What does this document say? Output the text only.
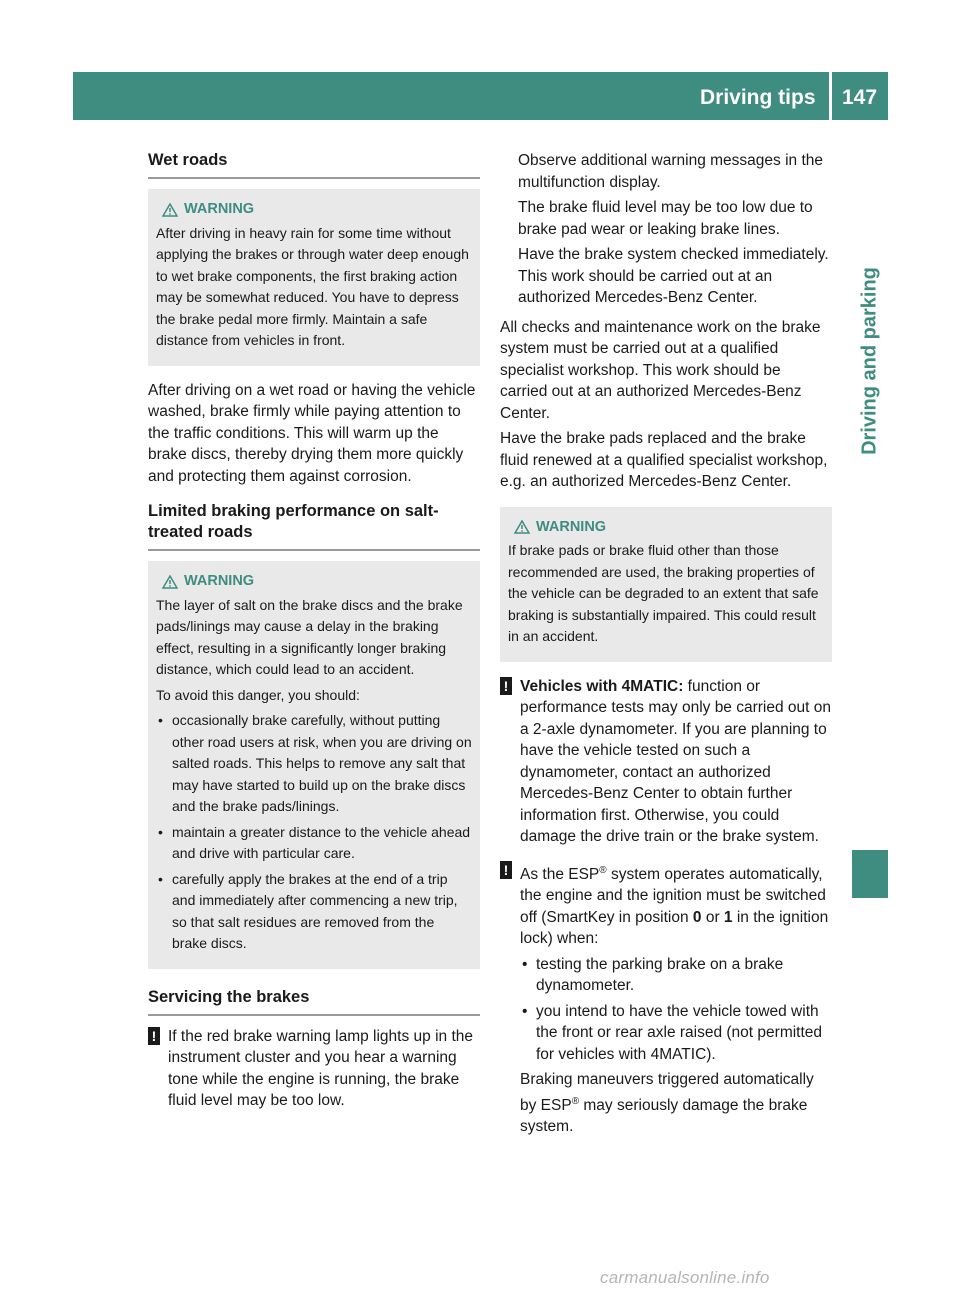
Driving tips 147
Driving and parking
Wet roads
WARNING

After driving in heavy rain for some time without applying the brakes or through water deep enough to wet brake components, the first braking action may be somewhat reduced. You have to depress the brake pedal more firmly. Maintain a safe distance from vehicles in front.

After driving on a wet road or having the vehicle washed, brake firmly while paying attention to the traffic conditions. This will warm up the brake discs, thereby drying them more quickly and protecting them against corrosion.

Limited braking performance on salt-treated roads
WARNING

The layer of salt on the brake discs and the brake pads/linings may cause a delay in the braking effect, resulting in a significantly longer braking distance, which could lead to an accident.

To avoid this danger, you should:

• occasionally brake carefully, without putting other road users at risk, when you are driving on salted roads. This helps to remove any salt that may have started to build up on the brake discs and the brake pads/linings.
• maintain a greater distance to the vehicle ahead and drive with particular care.
• carefully apply the brakes at the end of a trip and immediately after commencing a new trip, so that salt residues are removed from the brake discs.
Servicing the brakes
! If the red brake warning lamp lights up in the instrument cluster and you hear a warning tone while the engine is running, the brake fluid level may be too low.

Observe additional warning messages in the multifunction display.

The brake fluid level may be too low due to brake pad wear or leaking brake lines.

Have the brake system checked immediately. This work should be carried out at an authorized Mercedes-Benz Center.

All checks and maintenance work on the brake system must be carried out at a qualified specialist workshop. This work should be carried out at an authorized Mercedes-Benz Center.

Have the brake pads replaced and the brake fluid renewed at a qualified specialist workshop, e.g. an authorized Mercedes-Benz Center.

WARNING

If brake pads or brake fluid other than those recommended are used, the braking properties of the vehicle can be degraded to an extent that safe braking is substantially impaired. This could result in an accident.

! Vehicles with 4MATIC: function or performance tests may only be carried out on a 2-axle dynamometer. If you are planning to have the vehicle tested on such a dynamometer, contact an authorized Mercedes-Benz Center to obtain further information first. Otherwise, you could damage the drive train or the brake system.
! As the ESP® system operates automatically, the engine and the ignition must be switched off (SmartKey in position 0 or 1 in the ignition lock) when:
• testing the parking brake on a brake dynamometer.
• you intend to have the vehicle towed with the front or rear axle raised (not permitted for vehicles with 4MATIC).

Braking maneuvers triggered automatically by ESP® may seriously damage the brake system.

carmanualsonline.info
